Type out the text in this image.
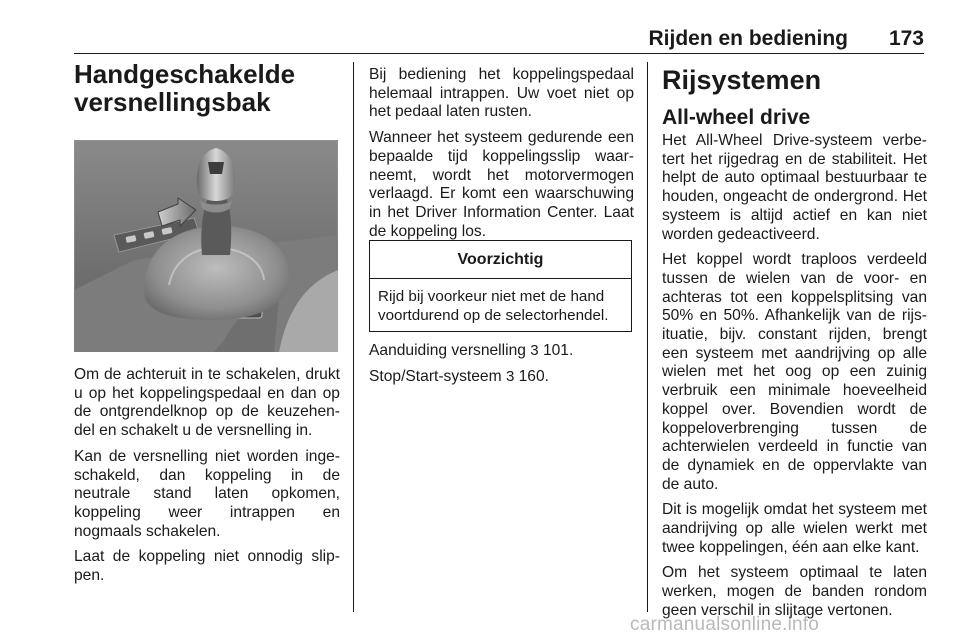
Rijden en bediening	173
Handgeschakelde
versnellingsbak

Om de achteruit in te schakelen, drukt u op het koppelingspedaal en dan op de ontgrendelknop op de keuzehen-del en schakelt u de versnelling in.

Kan de versnelling niet worden inge-schakeld, dan koppeling in de neutrale stand laten opkomen, koppeling weer intrappen en nogmaals schakelen.

Laat de koppeling niet onnodig slip-pen.

Bij bediening het koppelingspedaal helemaal intrappen. Uw voet niet op het pedaal laten rusten.

Wanneer het systeem gedurende een bepaalde tijd koppelingsslip waar-neemt, wordt het motorvermogen verlaagd. Er komt een waarschuwing in het Driver Information Center. Laat de koppeling los.

Voorzichtig
Rijd bij voorkeur niet met de hand voortdurend op de selectorhendel.

Aanduiding versnelling 3 101.

Stop/Start-systeem 3 160.

Rijsystemen
All-wheel drive

Het All-Wheel Drive-systeem verbe-tert het rijgedrag en de stabiliteit. Het helpt de auto optimaal bestuurbaar te houden, ongeacht de ondergrond. Het systeem is altijd actief en kan niet worden gedeactiveerd.

Het koppel wordt traploos verdeeld tussen de wielen van de voor- en achteras tot een koppelsplitsing van 50% en 50%. Afhankelijk van de rijs-ituatie, bijv. constant rijden, brengt een systeem met aandrijving op alle wielen met het oog op een zuinig verbruik een minimale hoeveelheid koppel over. Bovendien wordt de koppeloverbrenging tussen de achterwielen verdeeld in functie van de dynamiek en de oppervlakte van de auto.

Dit is mogelijk omdat het systeem met aandrijving op alle wielen werkt met twee koppelingen, één aan elke kant.

Om het systeem optimaal te laten werken, mogen de banden rondom geen verschil in slijtage vertonen.

carmanualsonline.info
